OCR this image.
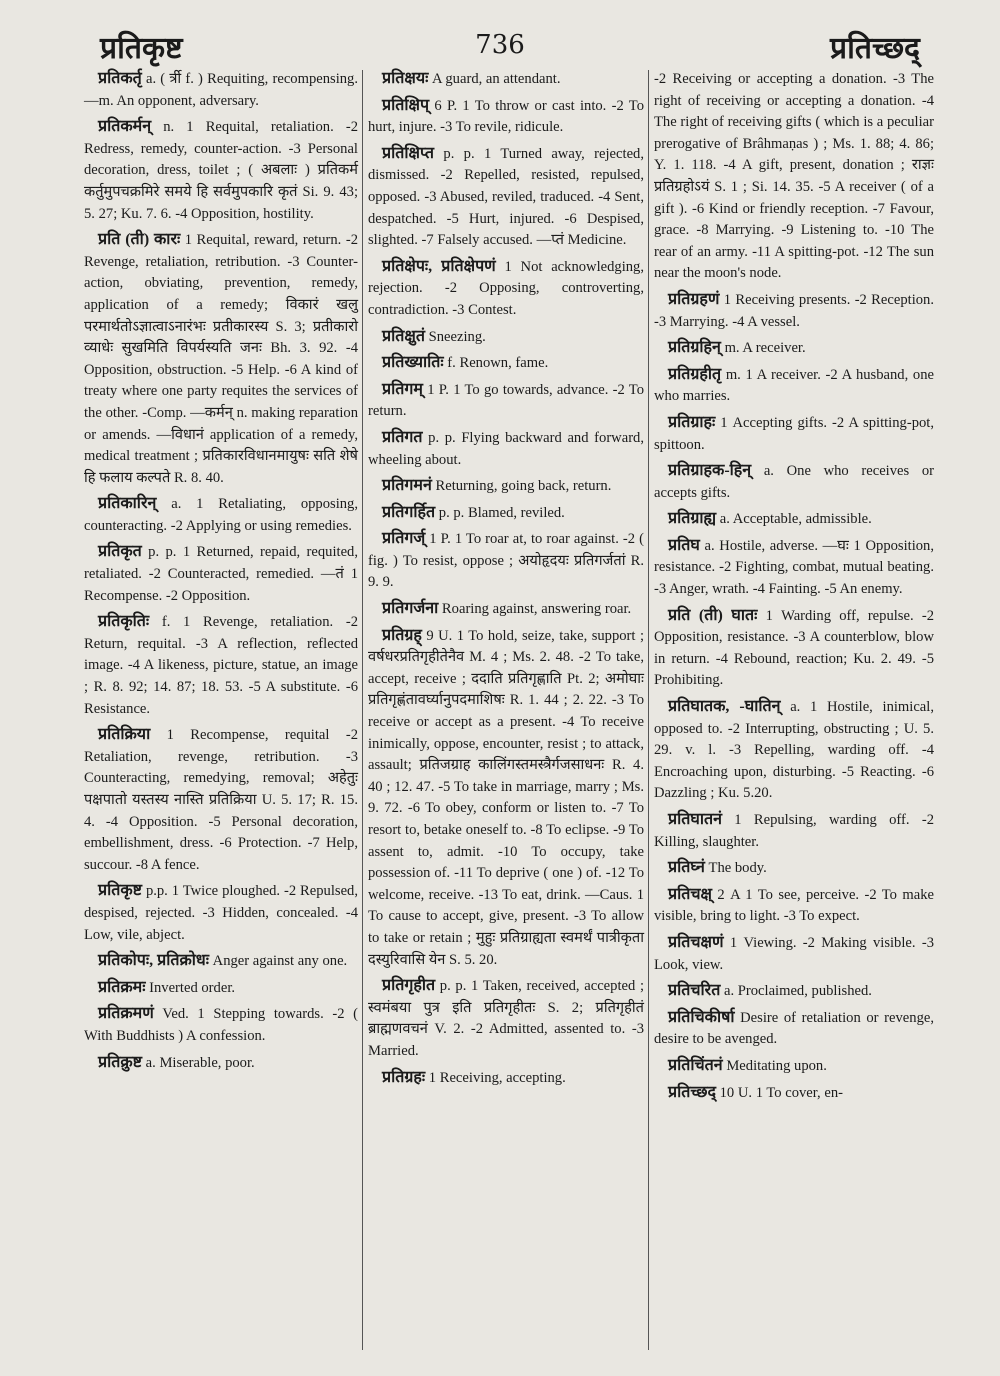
प्रतिकृष्ट	736	प्रतिच्छद्

प्रतिकर्तृ a. ( र्त्री f. ) Requiting, recompensing. —m. An opponent, adversary.

प्रतिकर्मन् n. 1 Requital, retaliation. -2 Redress, remedy, counter-action. -3 Personal decoration, dress, toilet ; ( अबलाः ) प्रतिकर्म कर्तुमुपचक्रमिरे समये हि सर्वमुपकारि कृतं Si. 9. 43; 5. 27; Ku. 7. 6. -4 Opposition, hostility.

प्रति (ती) कारः 1 Requital, reward, return. -2 Revenge, retaliation, retribution. -3 Counter-action, obviating, prevention, remedy, application of a remedy; विकारं खलु परमार्थतोऽज्ञात्वाऽनारंभः प्रतीकारस्य S. 3; प्रतीकारो व्याधेः सुखमिति विपर्यस्यति जनः Bh. 3. 92. -4 Opposition, obstruction. -5 Help. -6 A kind of treaty where one party requites the services of the other. -Comp. —कर्मन् n. making reparation or amends. —विधानं application of a remedy, medical treatment ; प्रतिकारविधानमायुषः सति शेषे हि फलाय कल्पते R. 8. 40.

प्रतिकारिन् a. 1 Retaliating, opposing, counteracting. -2 Applying or using remedies.

प्रतिकृत p. p. 1 Returned, repaid, requited, retaliated. -2 Counteracted, remedied. —तं 1 Recompense. -2 Opposition.

प्रतिकृतिः f. 1 Revenge, retaliation. -2 Return, requital. -3 A reflection, reflected image. -4 A likeness, picture, statue, an image ; R. 8. 92; 14. 87; 18. 53. -5 A substitute. -6 Resistance.

प्रतिक्रिया 1 Recompense, requital -2 Retaliation, revenge, retribution. -3 Counteracting, remedying, removal; अहेतुः पक्षपातो यस्तस्य नास्ति प्रतिक्रिया U. 5. 17; R. 15. 4. -4 Opposition. -5 Personal decoration, embellishment, dress. -6 Protection. -7 Help, succour. -8 A fence.

प्रतिकृष्ट p.p. 1 Twice ploughed. -2 Repulsed, despised, rejected. -3 Hidden, concealed. -4 Low, vile, abject.

प्रतिकोपः, प्रतिक्रोधः Anger against any one.

प्रतिक्रमः Inverted order.

प्रतिक्रमणं Ved. 1 Stepping towards. -2 ( With Buddhists ) A confession.

प्रतिक्रुष्ट a. Miserable, poor.

प्रतिक्षयः A guard, an attendant.

प्रतिक्षिप् 6 P. 1 To throw or cast into. -2 To hurt, injure. -3 To revile, ridicule.

प्रतिक्षिप्त p. p. 1 Turned away, rejected, dismissed. -2 Repelled, resisted, repulsed, opposed. -3 Abused, reviled, traduced. -4 Sent, despatched. -5 Hurt, injured. -6 Despised, slighted. -7 Falsely accused. —प्तं Medicine.

प्रतिक्षेपः, प्रतिक्षेपणं 1 Not acknowledging, rejection. -2 Opposing, controverting, contradiction. -3 Contest.

प्रतिक्षुतं Sneezing.

प्रतिख्यातिः f. Renown, fame.

प्रतिगम् 1 P. 1 To go towards, advance. -2 To return.

प्रतिगत p. p. Flying backward and forward, wheeling about.

प्रतिगमनं Returning, going back, return.

प्रतिगर्हित p. p. Blamed, reviled.

प्रतिगर्ज् 1 P. 1 To roar at, to roar against. -2 ( fig. ) To resist, oppose ; अयोहृदयः प्रतिगर्जतां R. 9. 9.

प्रतिगर्जना Roaring against, answering roar.

प्रतिग्रह् 9 U. 1 To hold, seize, take, support ; वर्षधरप्रतिगृहीतेनैव M. 4 ; Ms. 2. 48. -2 To take, accept, receive ; ददाति प्रतिगृह्णाति Pt. 2; अमोघाः प्रतिगृह्णंतावर्घ्यानुपदमाशिषः R. 1. 44 ; 2. 22. -3 To receive or accept as a present. -4 To receive inimically, oppose, encounter, resist ; to attack, assault; प्रतिजग्राह कालिंगस्तमस्त्रैर्गजसाधनः R. 4. 40 ; 12. 47. -5 To take in marriage, marry ; Ms. 9. 72. -6 To obey, conform or listen to. -7 To resort to, betake oneself to. -8 To eclipse. -9 To assent to, admit. -10 To occupy, take possession of. -11 To deprive ( one ) of. -12 To welcome, receive. -13 To eat, drink. —Caus. 1 To cause to accept, give, present. -3 To allow to take or retain ; मुहुः प्रतिग्राह्यता स्वमर्थं पात्रीकृता दस्युरिवासि येन S. 5. 20.

प्रतिगृहीत p. p. 1 Taken, received, accepted ; स्वमंबया पुत्र इति प्रतिगृहीतः S. 2; प्रतिगृहीतं ब्राह्मणवचनं V. 2. -2 Admitted, assented to. -3 Married.

प्रतिग्रहः 1 Receiving, accepting.

-2 Receiving or accepting a donation. -3 The right of receiving or accepting a donation. -4 The right of receiving gifts ( which is a peculiar prerogative of Brâhmaṇas ) ; Ms. 1. 88; 4. 86; Y. 1. 118. -4 A gift, present, donation ; राज्ञः प्रतिग्रहोऽयं S. 1 ; Si. 14. 35. -5 A receiver ( of a gift ). -6 Kind or friendly reception. -7 Favour, grace. -8 Marrying. -9 Listening to. -10 The rear of an army. -11 A spitting-pot. -12 The sun near the moon's node.

प्रतिग्रहणं 1 Receiving presents. -2 Reception. -3 Marrying. -4 A vessel.

प्रतिग्रहिन् m. A receiver.

प्रतिग्रहीतृ m. 1 A receiver. -2 A husband, one who marries.

प्रतिग्राहः 1 Accepting gifts. -2 A spitting-pot, spittoon.

प्रतिग्राहक-हिन् a. One who receives or accepts gifts.

प्रतिग्राह्य a. Acceptable, admissible.

प्रतिघ a. Hostile, adverse. —घः 1 Opposition, resistance. -2 Fighting, combat, mutual beating. -3 Anger, wrath. -4 Fainting. -5 An enemy.

प्रति (ती) घातः 1 Warding off, repulse. -2 Opposition, resistance. -3 A counterblow, blow in return. -4 Rebound, reaction; Ku. 2. 49. -5 Prohibiting.

प्रतिघातक, -घातिन् a. 1 Hostile, inimical, opposed to. -2 Interrupting, obstructing ; U. 5. 29. v. l. -3 Repelling, warding off. -4 Encroaching upon, disturbing. -5 Reacting. -6 Dazzling ; Ku. 5.20.

प्रतिघातनं 1 Repulsing, warding off. -2 Killing, slaughter.

प्रतिघ्नं The body.

प्रतिचक्ष् 2 A 1 To see, perceive. -2 To make visible, bring to light. -3 To expect.

प्रतिचक्षणं 1 Viewing. -2 Making visible. -3 Look, view.

प्रतिचरित a. Proclaimed, published.

प्रतिचिकीर्षा Desire of retaliation or revenge, desire to be avenged.

प्रतिचिंतनं Meditating upon.

प्रतिच्छद् 10 U. 1 To cover, en-
